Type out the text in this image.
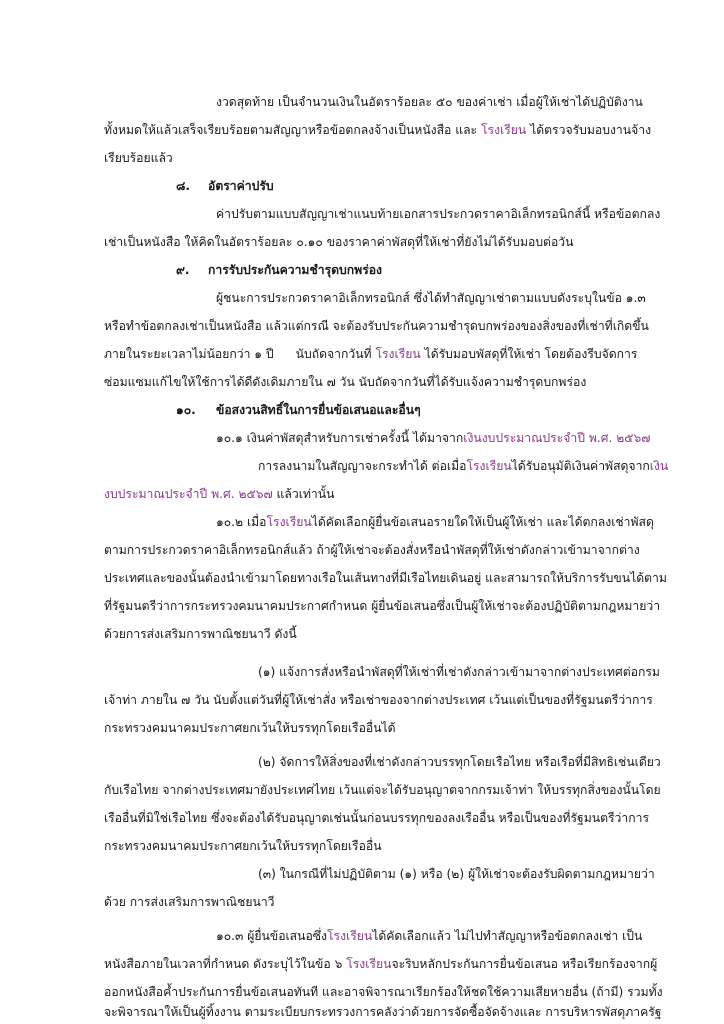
งวดสุดท้าย เป็นจำนวนเงินในอัตราร้อยละ ๕๐ ของค่าเช่า เมื่อผู้ให้เช่าได้ปฏิบัติงาน
ทั้งหมดให้แล้วเสร็จเรียบร้อยตามสัญญาหรือข้อตกลงจ้างเป็นหนังสือ และ โรงเรียน ได้ตรวจรับมอบงานจ้าง
เรียบร้อยแล้ว
๘. อัตราค่าปรับ
ค่าปรับตามแบบสัญญาเช่าแนบท้ายเอกสารประกวดราคาอิเล็กทรอนิกส์นี้ หรือข้อตกลง
เช่าเป็นหนังสือ ให้คิดในอัตราร้อยละ ๐.๑๐ ของราคาค่าพัสดุที่ให้เช่าที่ยังไม่ได้รับมอบต่อวัน
๙. การรับประกันความชำรุดบกพร่อง
ผู้ชนะการประกวดราคาอิเล็กทรอนิกส์ ซึ่งได้ทำสัญญาเช่าตามแบบดังระบุในข้อ ๑.๓
หรือทำข้อตกลงเช่าเป็นหนังสือ แล้วแต่กรณี จะต้องรับประกันความชำรุดบกพร่องของสิ่งของที่เช่าที่เกิดขึ้น
ภายในระยะเวลาไม่น้อยกว่า ๑ ปี นับถัดจากวันที่ โรงเรียน ได้รับมอบพัสดุที่ให้เช่า โดยต้องรีบจัดการ
ซ่อมแซมแก้ไขให้ใช้การได้ดีดังเดิมภายใน ๗ วัน นับถัดจากวันที่ได้รับแจ้งความชำรุดบกพร่อง
๑๐. ข้อสงวนสิทธิ์ในการยื่นข้อเสนอและอื่นๆ
๑๐.๑ เงินค่าพัสดุสำหรับการเช่าครั้งนี้ ได้มาจากเงินงบประมาณประจำปี พ.ศ. ๒๕๖๗
การลงนามในสัญญาจะกระทำได้ ต่อเมื่อโรงเรียนได้รับอนุมัติเงินค่าพัสดุจากเงิน
งบประมาณประจำปี พ.ศ. ๒๕๖๗ แล้วเท่านั้น
๑๐.๒ เมื่อโรงเรียนได้คัดเลือกผู้ยื่นข้อเสนอรายใดให้เป็นผู้ให้เช่า และได้ตกลงเช่าพัสดุ
ตามการประกวดราคาอิเล็กทรอนิกส์แล้ว ถ้าผู้ให้เช่าจะต้องสั่งหรือนำพัสดุที่ให้เช่าดังกล่าวเข้ามาจากต่าง
ประเทศและของนั้นต้องนำเข้ามาโดยทางเรือในเส้นทางที่มีเรือไทยเดินอยู่ และสามารถให้บริการรับขนได้ตาม
ที่รัฐมนตรีว่าการกระทรวงคมนาคมประกาศกำหนด ผู้ยื่นข้อเสนอซึ่งเป็นผู้ให้เช่าจะต้องปฏิบัติตามกฎหมายว่า
ด้วยการส่งเสริมการพาณิชยนาวี ดังนี้
(๑) แจ้งการสั่งหรือนำพัสดุที่ให้เช่าที่เช่าดังกล่าวเข้ามาจากต่างประเทศต่อกรม
เจ้าท่า ภายใน ๗ วัน นับตั้งแต่วันที่ผู้ให้เช่าสั่ง หรือเช่าของจากต่างประเทศ เว้นแต่เป็นของที่รัฐมนตรีว่าการ
กระทรวงคมนาคมประกาศยกเว้นให้บรรทุกโดยเรืออื่นได้
(๒) จัดการให้สิ่งของที่เช่าดังกล่าวบรรทุกโดยเรือไทย หรือเรือที่มีสิทธิเช่นเดียว
กับเรือไทย จากต่างประเทศมายังประเทศไทย เว้นแต่จะได้รับอนุญาตจากกรมเจ้าท่า ให้บรรทุกสิ่งของนั้นโดย
เรืออื่นที่มิใช่เรือไทย ซึ่งจะต้องได้รับอนุญาตเช่นนั้นก่อนบรรทุกของลงเรืออื่น หรือเป็นของที่รัฐมนตรีว่าการ
กระทรวงคมนาคมประกาศยกเว้นให้บรรทุกโดยเรืออื่น
(๓) ในกรณีที่ไม่ปฏิบัติตาม (๑) หรือ (๒) ผู้ให้เช่าจะต้องรับผิดตามกฎหมายว่า
ด้วย การส่งเสริมการพาณิชยนาวี
๑๐.๓ ผู้ยื่นข้อเสนอซึ่งโรงเรียนได้คัดเลือกแล้ว ไม่ไปทำสัญญาหรือข้อตกลงเช่า เป็น
หนังสือภายในเวลาที่กำหนด ดังระบุไว้ในข้อ ๖ โรงเรียนจะริบหลักประกันการยื่นข้อเสนอ หรือเรียกร้องจากผู้
ออกหนังสือค้ำประกันการยื่นข้อเสนอทันที และอาจพิจารณาเรียกร้องให้ชดใช้ความเสียหายอื่น (ถ้ามี) รวมทั้ง
จะพิจารณาให้เป็นผู้ทิ้งงาน ตามระเบียบกระทรวงการคลังว่าด้วยการจัดซื้อจัดจ้างและ การบริหารพัสดุภาครัฐ
